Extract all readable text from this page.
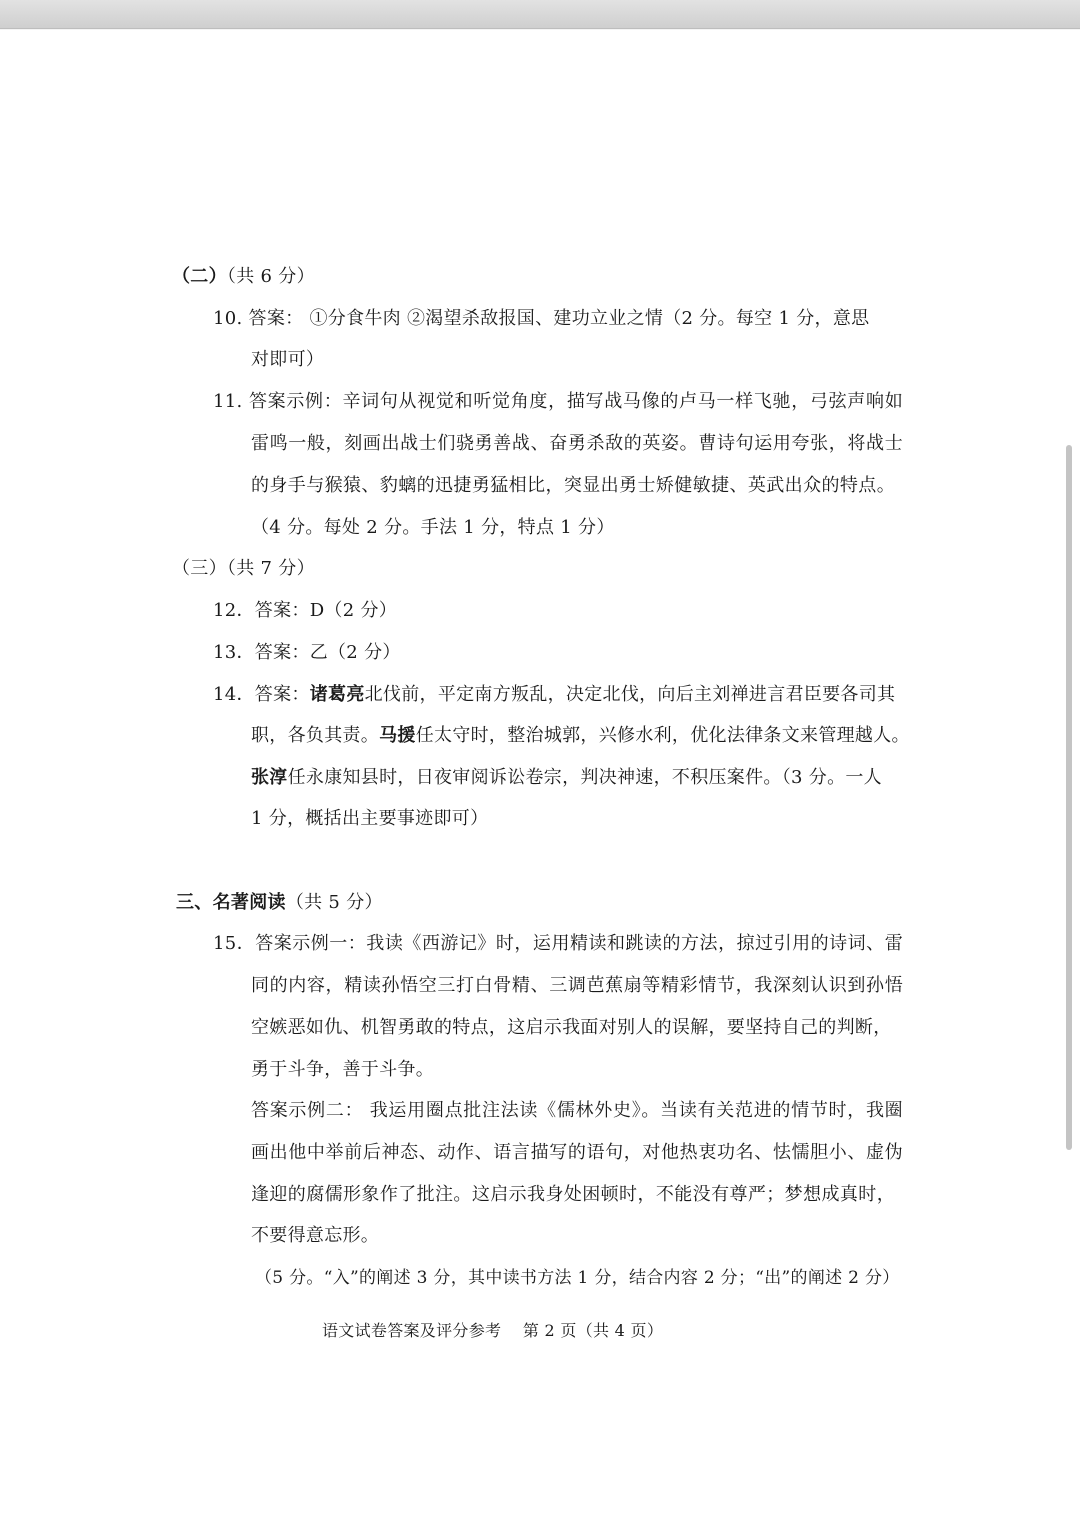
（二）（共 6 分）
10. 答案： ①分食牛肉 ②渴望杀敌报国、建功立业之情（2 分。每空 1 分，意思
对即可）
11. 答案示例：辛词句从视觉和听觉角度，描写战马像的卢马一样飞驰，弓弦声响如
雷鸣一般，刻画出战士们骁勇善战、奋勇杀敌的英姿。曹诗句运用夸张，将战士
的身手与猴猿、豹螭的迅捷勇猛相比，突显出勇士矫健敏捷、英武出众的特点。
（4 分。每处 2 分。手法 1 分，特点 1 分）
（三）（共 7 分）
12．答案：D（2 分）
13．答案：乙（2 分）
14．答案：诸葛亮北伐前，平定南方叛乱，决定北伐，向后主刘禅进言君臣要各司其
职，各负其责。马援任太守时，整治城郭，兴修水利，优化法律条文来管理越人。
张淳任永康知县时，日夜审阅诉讼卷宗，判决神速，不积压案件。（3 分。一人
1 分，概括出主要事迹即可）
三、名著阅读（共 5 分）
15．答案示例一：我读《西游记》时，运用精读和跳读的方法，掠过引用的诗词、雷
同的内容，精读孙悟空三打白骨精、三调芭蕉扇等精彩情节，我深刻认识到孙悟
空嫉恶如仇、机智勇敢的特点，这启示我面对别人的误解，要坚持自己的判断，
勇于斗争，善于斗争。
答案示例二： 我运用圈点批注法读《儒林外史》。当读有关范进的情节时，我圈
画出他中举前后神态、动作、语言描写的语句，对他热衷功名、怯懦胆小、虚伪
逢迎的腐儒形象作了批注。这启示我身处困顿时，不能没有尊严；梦想成真时，
不要得意忘形。
（5 分。“入”的阐述 3 分，其中读书方法 1 分，结合内容 2 分；“出”的阐述 2 分）
语文试卷答案及评分参考    第 2 页（共 4 页）
